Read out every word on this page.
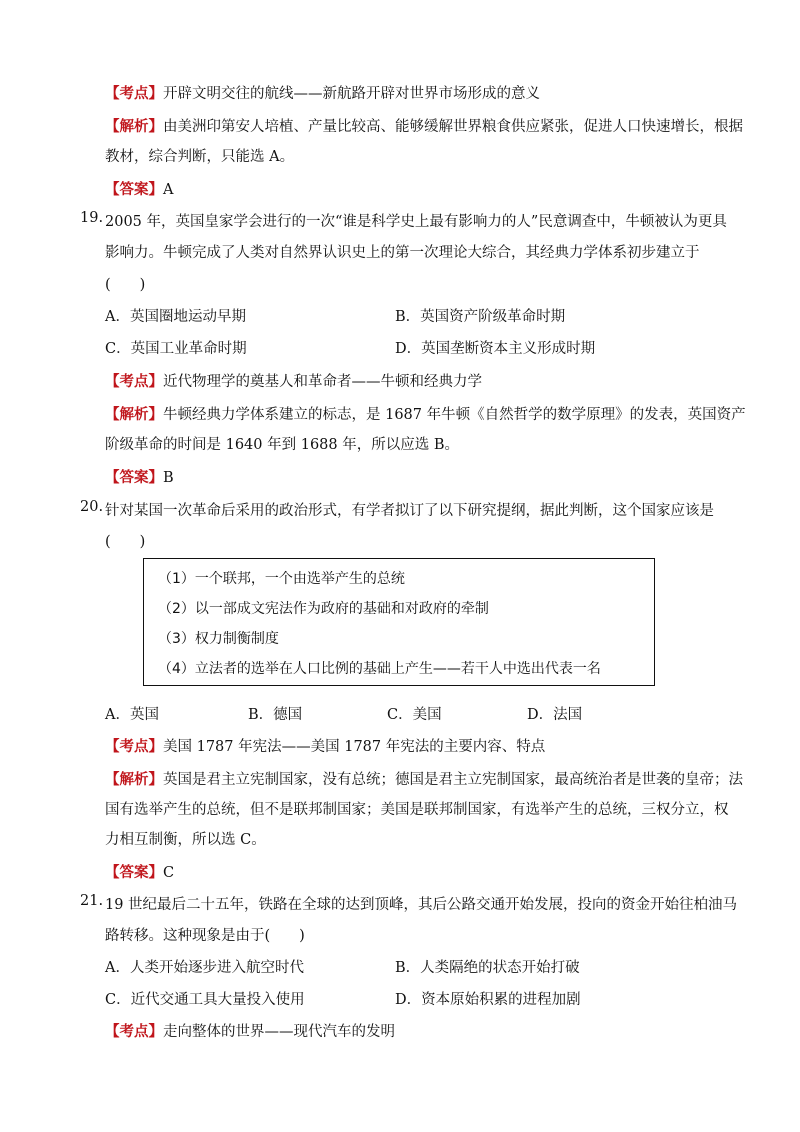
【考点】开辟文明交往的航线——新航路开辟对世界市场形成的意义
【解析】由美洲印第安人培植、产量比较高、能够缓解世界粮食供应紧张，促进人口快速增长，根据
教材，综合判断，只能选 A。
【答案】A
19. 2005 年，英国皇家学会进行的一次“谁是科学史上最有影响力的人”民意调查中，牛顿被认为更具
影响力。牛顿完成了人类对自然界认识史上的第一次理论大综合，其经典力学体系初步建立于
(　　)
A．英国圈地运动早期	B．英国资产阶级革命时期
C．英国工业革命时期	D．英国垄断资本主义形成时期
【考点】近代物理学的奠基人和革命者——牛顿和经典力学
【解析】牛顿经典力学体系建立的标志，是 1687 年牛顿《自然哲学的数学原理》的发表，英国资产
阶级革命的时间是 1640 年到 1688 年，所以应选 B。
【答案】B
20. 针对某国一次革命后采用的政治形式，有学者拟订了以下研究提纲，据此判断，这个国家应该是
(　　)
（1）一个联邦，一个由选举产生的总统
（2）以一部成文宪法作为政府的基础和对政府的牵制
（3）权力制衡制度
（4）立法者的选举在人口比例的基础上产生——若干人中选出代表一名
A．英国	B．德国	C．美国	D．法国
【考点】美国 1787 年宪法——美国 1787 年宪法的主要内容、特点
【解析】英国是君主立宪制国家，没有总统；德国是君主立宪制国家，最高统治者是世袭的皇帝；法
国有选举产生的总统，但不是联邦制国家；美国是联邦制国家，有选举产生的总统，三权分立，权
力相互制衡，所以选 C。
【答案】C
21. 19 世纪最后二十五年，铁路在全球的达到顶峰，其后公路交通开始发展，投向的资金开始往柏油马
路转移。这种现象是由于(　　)
A．人类开始逐步进入航空时代	B．人类隔绝的状态开始打破
C．近代交通工具大量投入使用	D．资本原始积累的进程加剧
【考点】走向整体的世界——现代汽车的发明
